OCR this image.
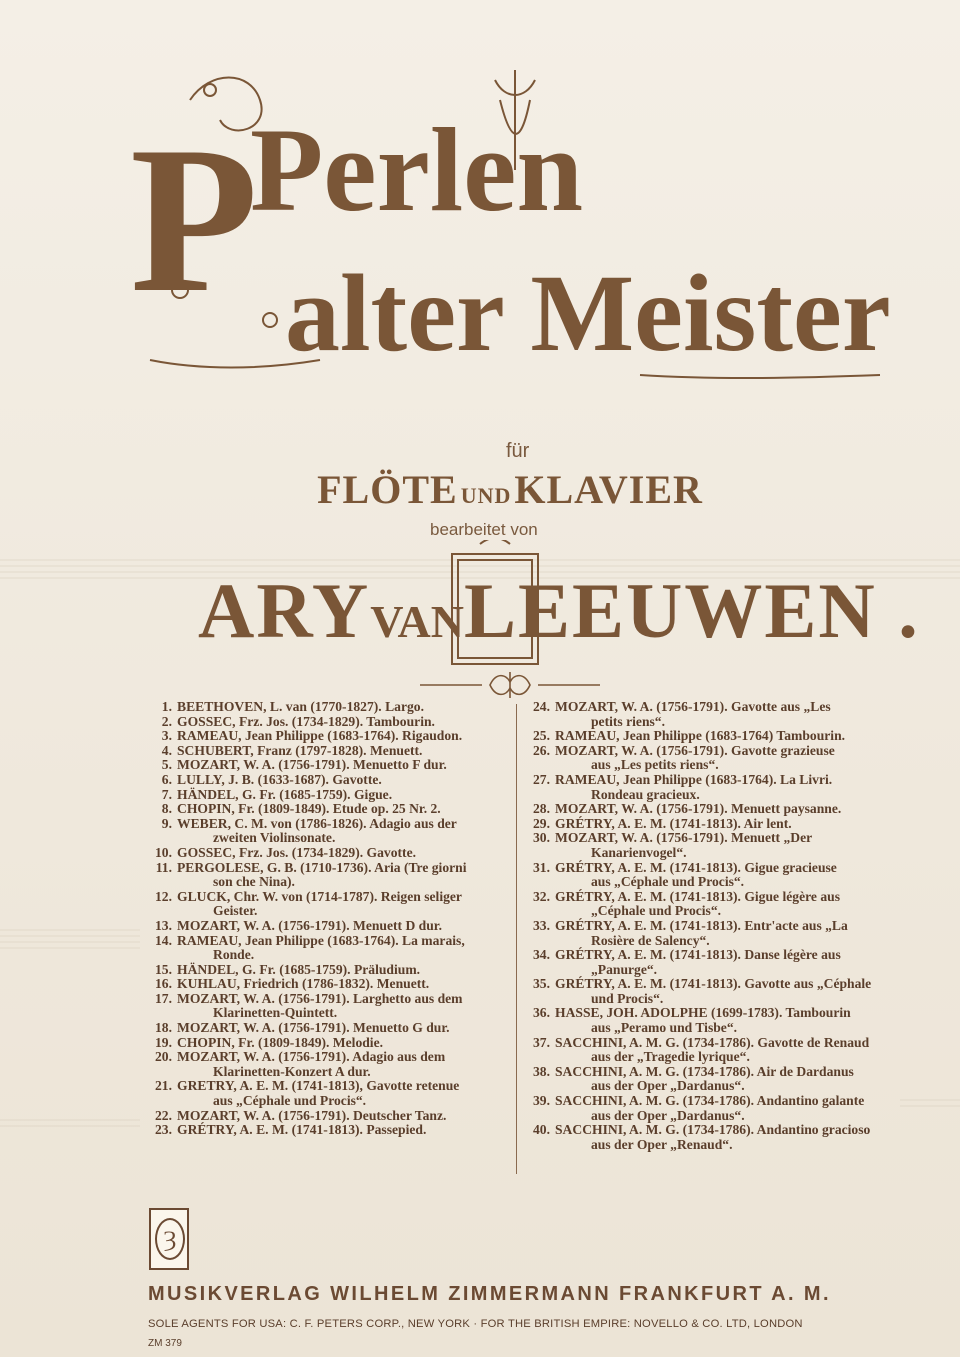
P
Perlen
alter Meister
für
FLÖTE UNDKLAVIER
bearbeitet von
ARYVANLEEUWEN .
1. BEETHOVEN, L. van (1770-1827). Largo.
2. GOSSEC, Frz. Jos. (1734-1829). Tambourin.
3. RAMEAU, Jean Philippe (1683-1764). Rigaudon.
4. SCHUBERT, Franz (1797-1828). Menuett.
5. MOZART, W. A. (1756-1791). Menuetto F dur.
6. LULLY, J. B. (1633-1687). Gavotte.
7. HÄNDEL, G. Fr. (1685-1759). Gigue.
8. CHOPIN, Fr. (1809-1849). Etude op. 25 Nr. 2.
9. WEBER, C. M. von (1786-1826). Adagio aus der
zweiten Violinsonate.
10. GOSSEC, Frz. Jos. (1734-1829). Gavotte.
11. PERGOLESE, G. B. (1710-1736). Aria (Tre giorni
son che Nina).
12. GLUCK, Chr. W. von (1714-1787). Reigen seliger
Geister.
13. MOZART, W. A. (1756-1791). Menuett D dur.
14. RAMEAU, Jean Philippe (1683-1764). La marais,
Ronde.
15. HÄNDEL, G. Fr. (1685-1759). Präludium.
16. KUHLAU, Friedrich (1786-1832). Menuett.
17. MOZART, W. A. (1756-1791). Larghetto aus dem
Klarinetten-Quintett.
18. MOZART, W. A. (1756-1791). Menuetto G dur.
19. CHOPIN, Fr. (1809-1849). Melodie.
20. MOZART, W. A. (1756-1791). Adagio aus dem
Klarinetten-Konzert A dur.
21. GRETRY, A. E. M. (1741-1813), Gavotte retenue
aus „Céphale und Procis“.
22. MOZART, W. A. (1756-1791). Deutscher Tanz.
23. GRÉTRY, A. E. M. (1741-1813). Passepied.
24. MOZART, W. A. (1756-1791). Gavotte aus „Les
petits riens“.
25. RAMEAU, Jean Philippe (1683-1764) Tambourin.
26. MOZART, W. A. (1756-1791). Gavotte grazieuse
aus „Les petits riens“.
27. RAMEAU, Jean Philippe (1683-1764). La Livri.
Rondeau gracieux.
28. MOZART, W. A. (1756-1791). Menuett paysanne.
29. GRÉTRY, A. E. M. (1741-1813). Air lent.
30. MOZART, W. A. (1756-1791). Menuett „Der
Kanarienvogel“.
31. GRÉTRY, A. E. M. (1741-1813). Gigue gracieuse
aus „Céphale und Procis“.
32. GRÉTRY, A. E. M. (1741-1813). Gigue légère aus
„Céphale und Procis“.
33. GRÉTRY, A. E. M. (1741-1813). Entr'acte aus „La
Rosière de Salency“.
34. GRÉTRY, A. E. M. (1741-1813). Danse légère aus
„Panurge“.
35. GRÉTRY, A. E. M. (1741-1813). Gavotte aus „Céphale
und Procis“.
36. HASSE, JOH. ADOLPHE (1699-1783). Tambourin
aus „Peramo und Tisbe“.
37. SACCHINI, A. M. G. (1734-1786). Gavotte de Renaud
aus der „Tragedie lyrique“.
38. SACCHINI, A. M. G. (1734-1786). Air de Dardanus
aus der Oper „Dardanus“.
39. SACCHINI, A. M. G. (1734-1786). Andantino galante
aus der Oper „Dardanus“.
40. SACCHINI, A. M. G. (1734-1786). Andantino gracioso
aus der Oper „Renaud“.
Ȝ
MUSIKVERLAG WILHELM ZIMMERMANN FRANKFURT A. M.
SOLE AGENTS FOR USA: C. F. PETERS CORP., NEW YORK · FOR THE BRITISH EMPIRE: NOVELLO & CO. LTD, LONDON
ZM 379
